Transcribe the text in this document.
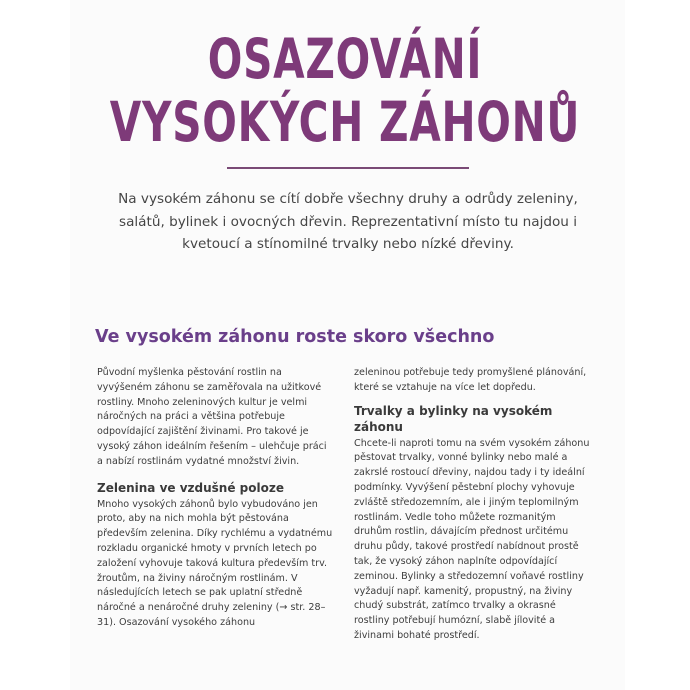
OSAZOVÁNÍ
VYSOKÝCH ZÁHONŮ

Na vysokém záhonu se cítí dobře všechny druhy a odrůdy zeleniny, salátů, bylinek i ovocných dřevin. Reprezentativní místo tu najdou i kvetoucí a stínomilné trvalky nebo nízké dřeviny.

Ve vysokém záhonu roste skoro všechno

Původní myšlenka pěstování rostlin na vyvýšeném záhonu se zaměřovala na užitkové rostliny. Mnoho zeleninových kultur je velmi náročných na práci a většina potřebuje odpovídající zajištění živinami. Pro takové je vysoký záhon ideálním řešením – ulehčuje práci a nabízí rostlinám vydatné množství živin.

Zelenina ve vzdušné poloze

Mnoho vysokých záhonů bylo vybudováno jen proto, aby na nich mohla být pěstována především zelenina. Díky rychlému a vydatnému rozkladu organické hmoty v prvních letech po založení vyhovuje taková kultura především trv. žroutům, na živiny náročným rostlinám. V následujících letech se pak uplatní středně náročné a nenáročné druhy zeleniny (→ str. 28–31). Osazování vysokého záhonu

zeleninou potřebuje tedy promyšlené plánování, které se vztahuje na více let dopředu.

Trvalky a bylinky na vysokém záhonu

Chcete-li naproti tomu na svém vysokém záhonu pěstovat trvalky, vonné bylinky nebo malé a zakrslé rostoucí dřeviny, najdou tady i ty ideální podmínky. Vyvýšení pěstební plochy vyhovuje zvláště středozemním, ale i jiným teplomilným rostlinám. Vedle toho můžete rozmanitým druhům rostlin, dávajícím přednost určitému druhu půdy, takové prostředí nabídnout prostě tak, že vysoký záhon naplníte odpovídající zeminou. Bylinky a středozemní voňavé rostliny vyžadují např. kamenitý, propustný, na živiny chudý substrát, zatímco trvalky a okrasné rostliny potřebují humózní, slabě jílovité a živinami bohaté prostředí.
